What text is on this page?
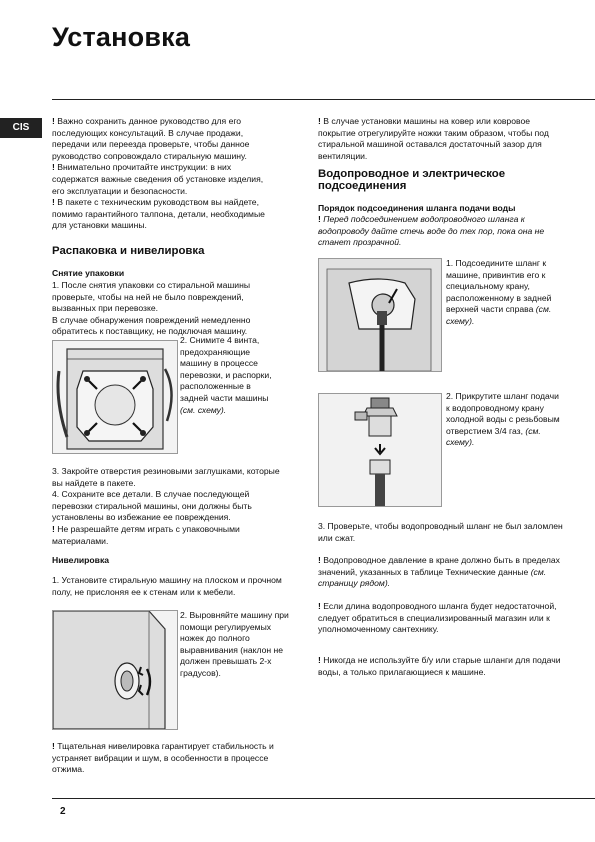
Установка
CIS
! Важно сохранить данное руководство для его последующих консультаций. В случае продажи, передачи или переезда проверьте, чтобы данное руководство сопровождало стиральную машину.
! Внимательно прочитайте инструкции: в них содержатся важные сведения об установке изделия, его эксплуатации и безопасности.
! В пакете с техническим руководством вы найдете, помимо гарантийного талпона, детали, необходимые для установки машины.
Распаковка и нивелировка
Снятие упаковки
1. После снятия упаковки со стиральной машины проверьте, чтобы на ней не было повреждений, вызванных при перевозке.
В случае обнаружения повреждений немедленно обратитесь к поставщику, не подключая машину.
2. Снимите 4 винта, предохраняющие машину в процессе перевозки, и распорки, расположенные в задней части машины (см. схему).
3. Закройте отверстия резиновыми заглушками, которые вы найдете в пакете.
4. Сохраните все детали. В случае последующей перевозки стиральной машины, они должны быть установлены во избежание ее повреждения.
! Не разрешайте детям играть с упаковочными материалами.
Нивелировка
1. Установите стиральную машину на плоском и прочном полу, не прислоняя ее к стенам или к мебели.
2. Выровняйте машину при помощи регулируемых ножек до полного выравнивания (наклон не должен превышать 2-х градусов).
! Тщательная нивелировка гарантирует стабильность и устраняет вибрации и шум, в особенности в процессе отжима.
! В случае установки машины на ковер или ковровое покрытие отрегулируйте ножки таким образом, чтобы под стиральной машиной оставался достаточный зазор для вентиляции.
Водопроводное и электрическое подсоединения
Порядок подсоединения шланга подачи воды
! Перед подсоединением водопроводного шланга к водопроводу дайте стечь воде до тех пор, пока она не станет прозрачной.
1. Подсоедините шланг к машине, привинтив его к специальному крану, расположенному в задней верхней части справа (см. схему).
2. Прикрутите шланг подачи к водопроводному крану холодной воды с резьбовым отверстием 3/4 газ, (см. схему).
3. Проверьте, чтобы водопроводный шланг не был заломлен или сжат.
! Водопроводное давление в кране должно быть в пределах значений, указанных в таблице Технические данные (см. страницу рядом).
! Если длина водопроводного шланга будет недостаточной, следует обратиться в специализированный магазин или к уполномоченному сантехнику.
! Никогда не используйте б/у или старые шланги для подачи воды, а только прилагающиеся к машине.
2
